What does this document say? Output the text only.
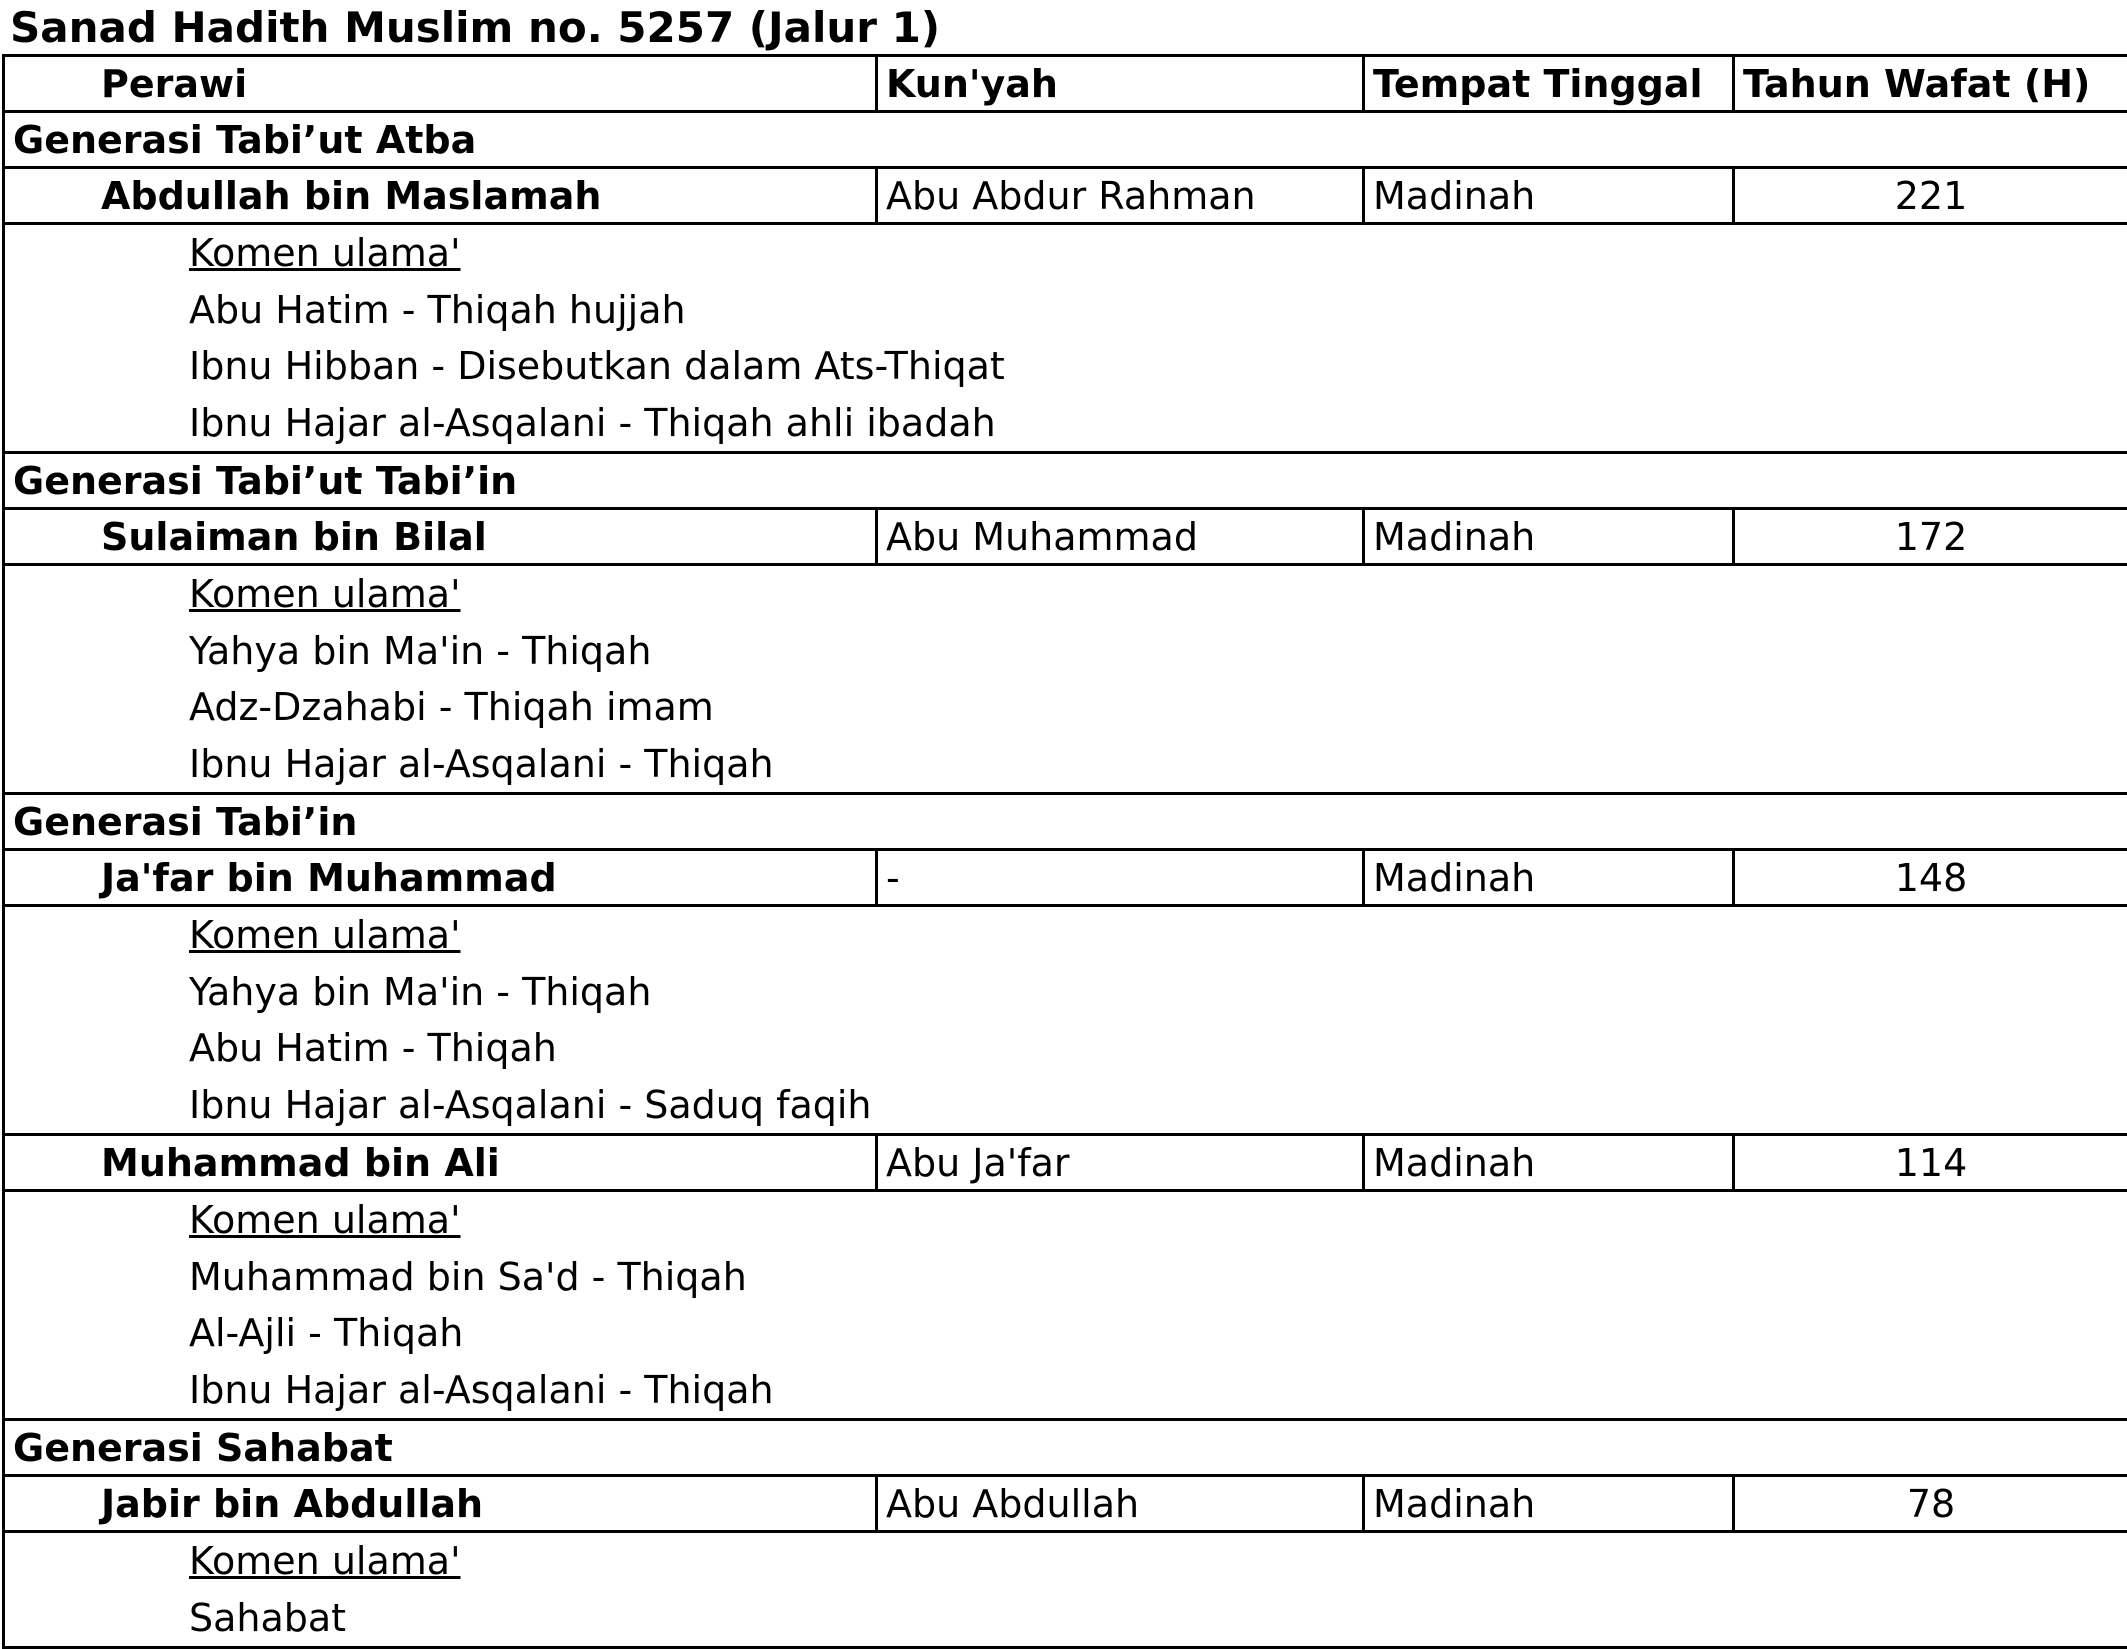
Sanad Hadith Muslim no. 5257 (Jalur 1)
Perawi	Kun'yah	Tempat Tinggal	Tahun Wafat (H)
Generasi Tabi’ut Atba			
Abdullah bin Maslamah	Abu Abdur Rahman	Madinah	221

Komen ulama'
Abu Hatim - Thiqah hujjah
Ibnu Hibban - Disebutkan dalam Ats-Thiqat
Ibnu Hajar al-Asqalani - Thiqah ahli ibadah			

Generasi Tabi’ut Tabi’in			
Sulaiman bin Bilal	Abu Muhammad	Madinah	172

Komen ulama'
Yahya bin Ma'in - Thiqah
Adz-Dzahabi - Thiqah imam
Ibnu Hajar al-Asqalani - Thiqah			

Generasi Tabi’in			
Ja'far bin Muhammad	-	Madinah	148

Komen ulama'
Yahya bin Ma'in - Thiqah
Abu Hatim - Thiqah
Ibnu Hajar al-Asqalani - Saduq faqih			

Muhammad bin Ali	Abu Ja'far	Madinah	114

Komen ulama'
Muhammad bin Sa'd - Thiqah
Al-Ajli - Thiqah
Ibnu Hajar al-Asqalani - Thiqah			

Generasi Sahabat			
Jabir bin Abdullah	Abu Abdullah	Madinah	78

Komen ulama'
Sahabat			
